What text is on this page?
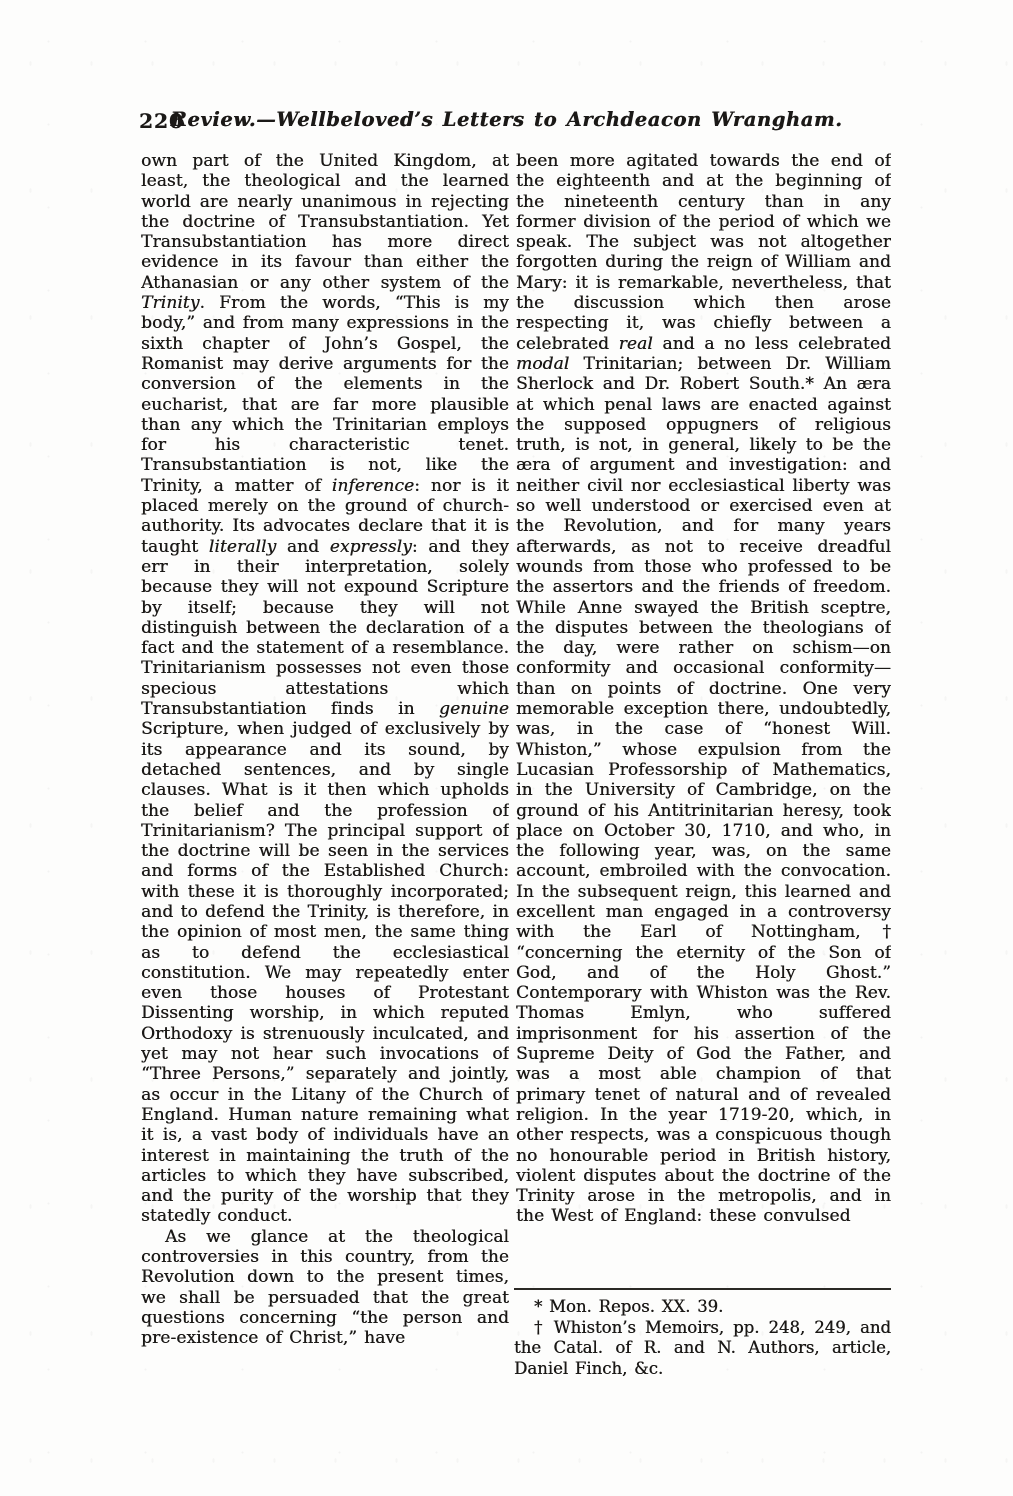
220
Review.—Wellbeloved’s Letters to Archdeacon Wrangham.

own part of the United Kingdom, at least, the theological and the learned world are nearly unanimous in rejecting the doctrine of Transubstantiation. Yet Transubstantiation has more direct evidence in its favour than either the Athanasian or any other system of the Trinity. From the words, “This is my body,” and from many expressions in the sixth chapter of John’s Gospel, the Romanist may derive arguments for the conversion of the elements in the eucharist, that are far more plausible than any which the Trinitarian employs for his characteristic tenet. Transubstantiation is not, like the Trinity, a matter of inference: nor is it placed merely on the ground of church-authority. Its advocates declare that it is taught literally and expressly: and they err in their interpretation, solely because they will not expound Scripture by itself; because they will not distinguish between the declaration of a fact and the statement of a resemblance. Trinitarianism possesses not even those specious attestations which Transubstantiation finds in genuine Scripture, when judged of exclusively by its appearance and its sound, by detached sentences, and by single clauses. What is it then which upholds the belief and the profession of Trinitarianism? The principal support of the doctrine will be seen in the services and forms of the Established Church: with these it is thoroughly incorporated; and to defend the Trinity, is therefore, in the opinion of most men, the same thing as to defend the ecclesiastical constitution. We may repeatedly enter even those houses of Protestant Dissenting worship, in which reputed Orthodoxy is strenuously inculcated, and yet may not hear such invocations of “Three Persons,” separately and jointly, as occur in the Litany of the Church of England. Human nature remaining what it is, a vast body of individuals have an interest in maintaining the truth of the articles to which they have subscribed, and the purity of the worship that they statedly conduct.

As we glance at the theological controversies in this country, from the Revolution down to the present times, we shall be persuaded that the great questions concerning “the person and pre-existence of Christ,” have

been more agitated towards the end of the eighteenth and at the beginning of the nineteenth century than in any former division of the period of which we speak. The subject was not altogether forgotten during the reign of William and Mary: it is remarkable, nevertheless, that the discussion which then arose respecting it, was chiefly between a celebrated real and a no less celebrated modal Trinitarian; between Dr. William Sherlock and Dr. Robert South.* An æra at which penal laws are enacted against the supposed oppugners of religious truth, is not, in general, likely to be the æra of argument and investigation: and neither civil nor ecclesiastical liberty was so well understood or exercised even at the Revolution, and for many years afterwards, as not to receive dreadful wounds from those who professed to be the assertors and the friends of freedom. While Anne swayed the British sceptre, the disputes between the theologians of the day, were rather on schism—on conformity and occasional conformity—than on points of doctrine. One very memorable exception there, undoubtedly, was, in the case of “honest Will. Whiston,” whose expulsion from the Lucasian Professorship of Mathematics, in the University of Cambridge, on the ground of his Antitrinitarian heresy, took place on October 30, 1710, and who, in the following year, was, on the same account, embroiled with the convocation. In the subsequent reign, this learned and excellent man engaged in a controversy with the Earl of Nottingham,† “concerning the eternity of the Son of God, and of the Holy Ghost.” Contemporary with Whiston was the Rev. Thomas Emlyn, who suffered imprisonment for his assertion of the Supreme Deity of God the Father, and was a most able champion of that primary tenet of natural and of revealed religion. In the year 1719-20, which, in other respects, was a conspicuous though no honourable period in British history, violent disputes about the doctrine of the Trinity arose in the metropolis, and in the West of England: these convulsed

* Mon. Repos. XX. 39.

† Whiston’s Memoirs, pp. 248, 249, and the Catal. of R. and N. Authors, article, Daniel Finch, &c.
